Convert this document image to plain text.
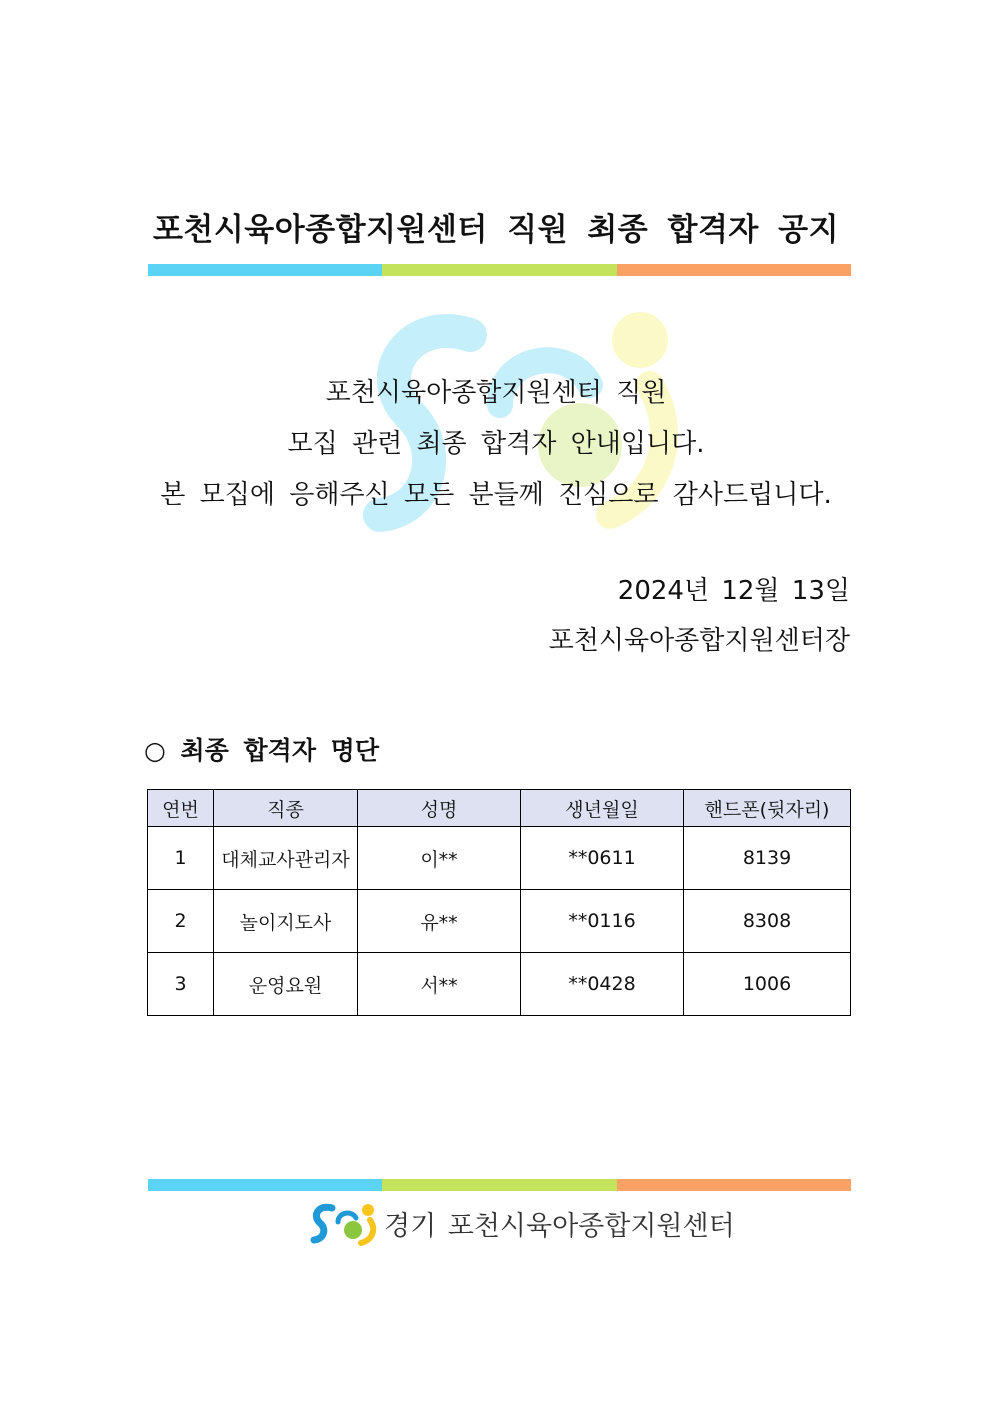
포천시육아종합지원센터 직원 최종 합격자 공지
포천시육아종합지원센터 직원
모집 관련 최종 합격자 안내입니다.
본 모집에 응해주신 모든 분들께 진심으로 감사드립니다.
2024년 12월 13일
포천시육아종합지원센터장
○ 최종 합격자 명단
연번	직종	성명	생년월일	핸드폰(뒷자리)
1	대체교사관리자	이**	**0611	8139
2	놀이지도사	유**	**0116	8308
3	운영요원	서**	**0428	1006
경기 포천시육아종합지원센터
